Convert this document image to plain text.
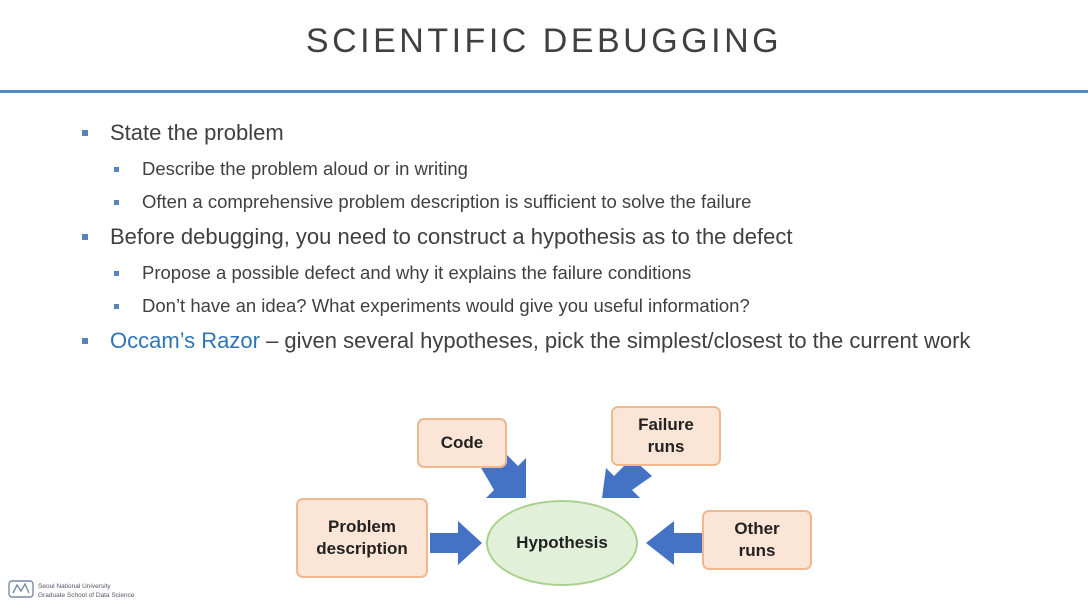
SCIENTIFIC DEBUGGING
State the problem
Describe the problem aloud or in writing
Often a comprehensive problem description is sufficient to solve the failure
Before debugging, you need to construct a hypothesis as to the defect
Propose a possible defect and why it explains the failure conditions
Don’t have an idea? What experiments would give you useful information?
Occam’s Razor – given several hypotheses, pick the simplest/closest to the current work
Code
Failure
runs
Problem
description
Other
runs
Hypothesis
Seoul National University
Graduate School of Data Science
